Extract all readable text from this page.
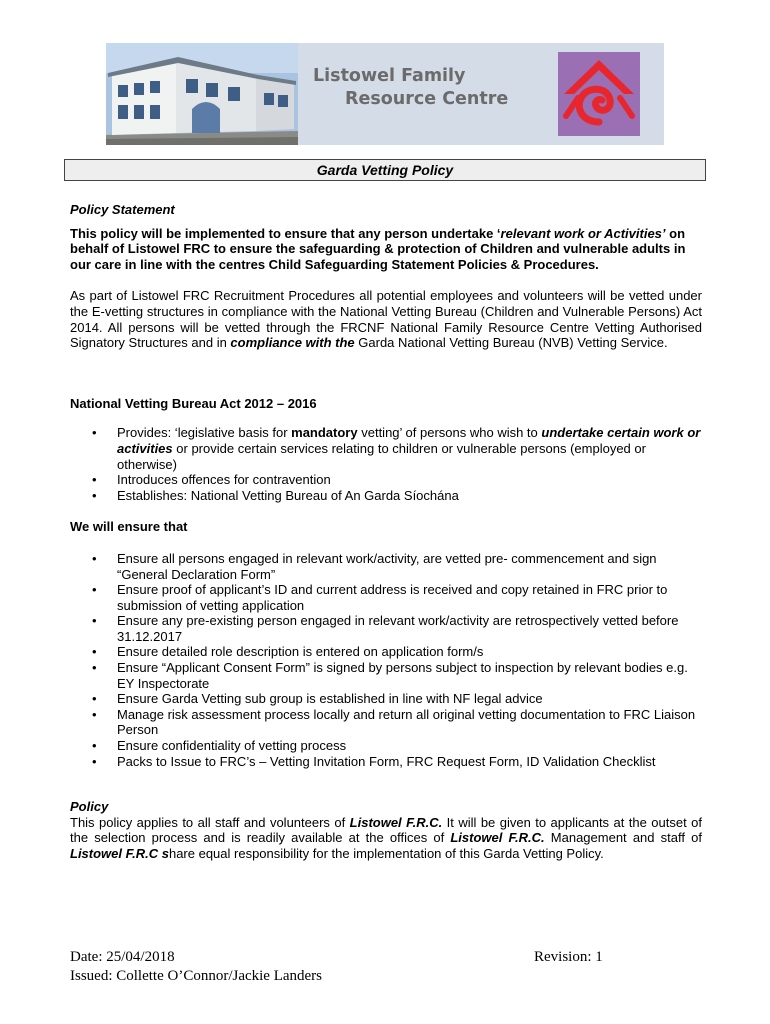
Listowel Family
Resource Centre
Garda Vetting Policy

Policy Statement

This policy will be implemented to ensure that any person undertake ‘relevant work or Activities’ on behalf of Listowel FRC to ensure the safeguarding & protection of Children and vulnerable adults in our care in line with the centres Child Safeguarding Statement Policies & Procedures.

As part of Listowel FRC Recruitment Procedures all potential employees and volunteers will be vetted under the E-vetting structures in compliance with the National Vetting Bureau (Children and Vulnerable Persons) Act 2014. All persons will be vetted through the FRCNF National Family Resource Centre Vetting Authorised Signatory Structures and in compliance with the Garda National Vetting Bureau (NVB) Vetting Service.

National Vetting Bureau Act 2012 – 2016

• Provides: ‘legislative basis for mandatory vetting’ of persons who wish to undertake certain work or activities or provide certain services relating to children or vulnerable persons (employed or otherwise)
• Introduces offences for contravention
• Establishes: National Vetting Bureau of An Garda Síochána

We will ensure that

• Ensure all persons engaged in relevant work/activity, are vetted pre- commencement and sign “General Declaration Form”
• Ensure proof of applicant’s ID and current address is received and copy retained in FRC prior to submission of vetting application
• Ensure any pre-existing person engaged in relevant work/activity are retrospectively vetted before 31.12.2017
• Ensure detailed role description is entered on application form/s
• Ensure “Applicant Consent Form” is signed by persons subject to inspection by relevant bodies e.g. EY Inspectorate
• Ensure Garda Vetting sub group is established in line with NF legal advice
• Manage risk assessment process locally and return all original vetting documentation to FRC Liaison Person
• Ensure confidentiality of vetting process
• Packs to Issue to FRC’s – Vetting Invitation Form, FRC Request Form, ID Validation Checklist

Policy

This policy applies to all staff and volunteers of Listowel F.R.C. It will be given to applicants at the outset of the selection process and is readily available at the offices of Listowel F.R.C. Management and staff of Listowel F.R.C share equal responsibility for the implementation of this Garda Vetting Policy.

Date: 25/04/2018	Revision: 1
Issued: Collette O’Connor/Jackie Landers
